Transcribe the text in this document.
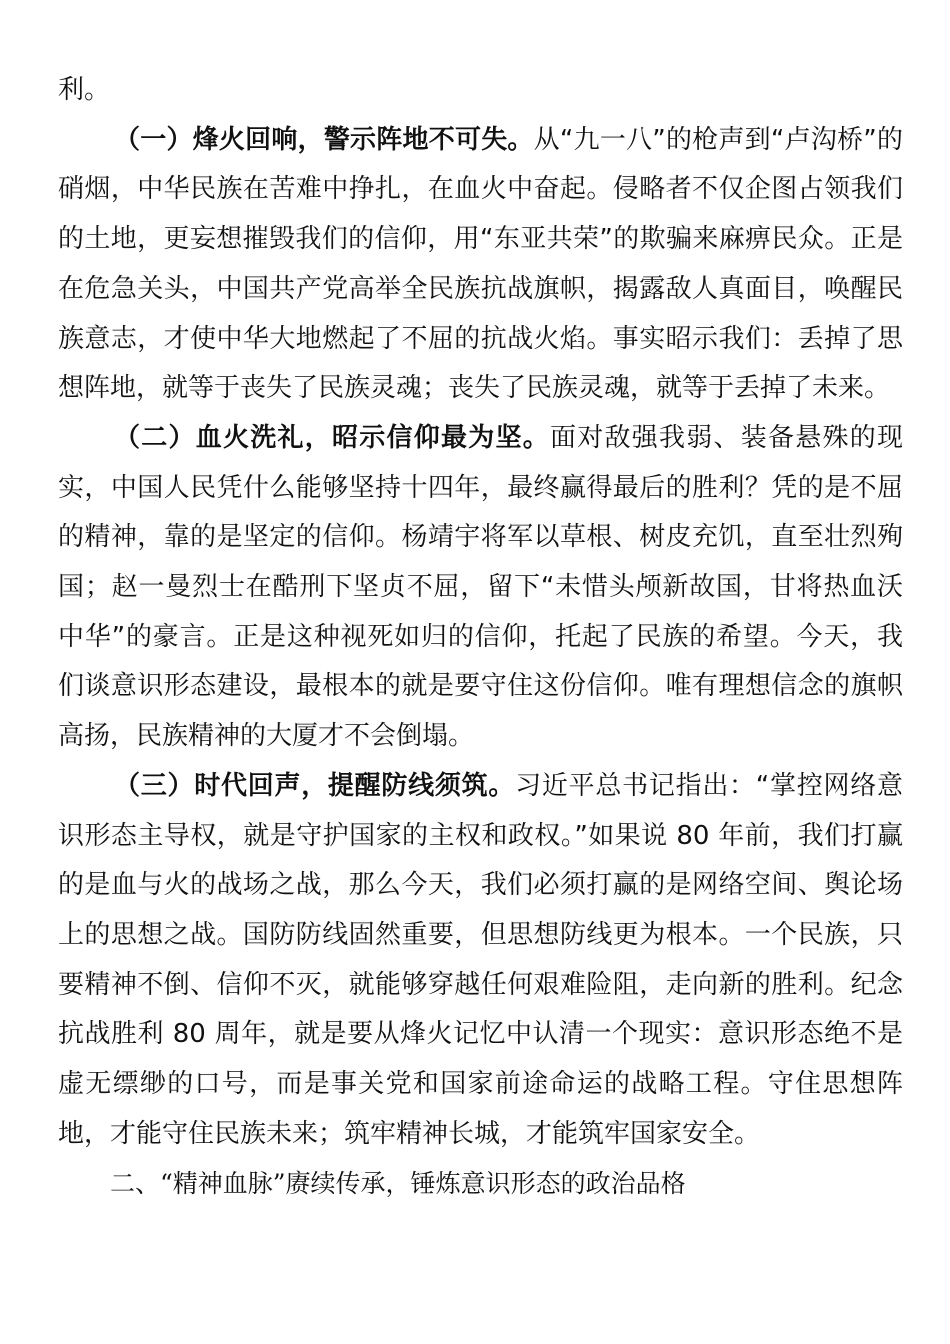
利。

（一）烽火回响，警示阵地不可失。从“九一八”的枪声到“卢沟桥”的硝烟，中华民族在苦难中挣扎，在血火中奋起。侵略者不仅企图占领我们的土地，更妄想摧毁我们的信仰，用“东亚共荣”的欺骗来麻痹民众。正是在危急关头，中国共产党高举全民族抗战旗帜，揭露敌人真面目，唤醒民族意志，才使中华大地燃起了不屈的抗战火焰。事实昭示我们：丢掉了思想阵地，就等于丧失了民族灵魂；丧失了民族灵魂，就等于丢掉了未来。

（二）血火洗礼，昭示信仰最为坚。面对敌强我弱、装备悬殊的现实，中国人民凭什么能够坚持十四年，最终赢得最后的胜利？凭的是不屈的精神，靠的是坚定的信仰。杨靖宇将军以草根、树皮充饥，直至壮烈殉国；赵一曼烈士在酷刑下坚贞不屈，留下“未惜头颅新故国，甘将热血沃中华”的豪言。正是这种视死如归的信仰，托起了民族的希望。今天，我们谈意识形态建设，最根本的就是要守住这份信仰。唯有理想信念的旗帜高扬，民族精神的大厦才不会倒塌。

（三）时代回声，提醒防线须筑。习近平总书记指出：“掌控网络意识形态主导权，就是守护国家的主权和政权。”如果说 80 年前，我们打赢的是血与火的战场之战，那么今天，我们必须打赢的是网络空间、舆论场上的思想之战。国防防线固然重要，但思想防线更为根本。一个民族，只要精神不倒、信仰不灭，就能够穿越任何艰难险阻，走向新的胜利。纪念抗战胜利 80 周年，就是要从烽火记忆中认清一个现实：意识形态绝不是虚无缥缈的口号，而是事关党和国家前途命运的战略工程。守住思想阵地，才能守住民族未来；筑牢精神长城，才能筑牢国家安全。

二、“精神血脉”赓续传承，锤炼意识形态的政治品格
